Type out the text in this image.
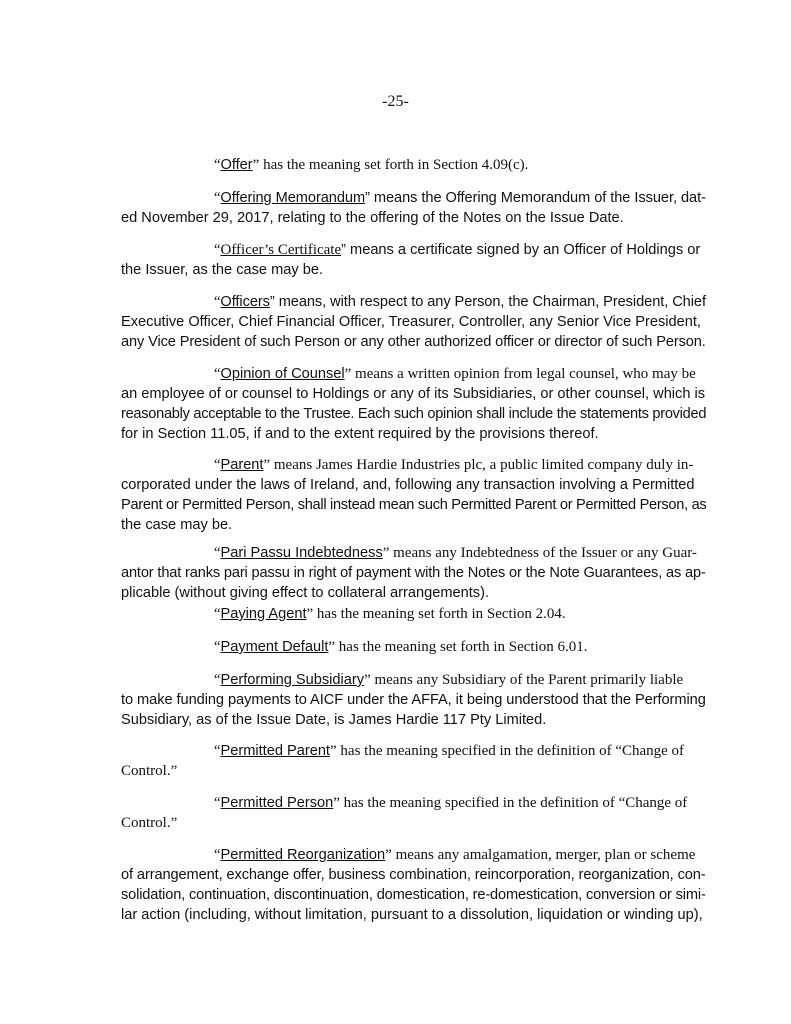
-25-
“Offer” has the meaning set forth in Section 4.09(c).
“Offering Memorandum” means the Offering Memorandum of the Issuer, dat-
ed November 29, 2017, relating to the offering of the Notes on the Issue Date.
“Officer’s Certificate” means a certificate signed by an Officer of Holdings or
the Issuer, as the case may be.
“Officers” means, with respect to any Person, the Chairman, President, Chief
Executive Officer, Chief Financial Officer, Treasurer, Controller, any Senior Vice President,
any Vice President of such Person or any other authorized officer or director of such Person.
“Opinion of Counsel” means a written opinion from legal counsel, who may be
an employee of or counsel to Holdings or any of its Subsidiaries, or other counsel, which is
reasonably acceptable to the Trustee. Each such opinion shall include the statements provided
for in Section 11.05, if and to the extent required by the provisions thereof.
“Parent” means James Hardie Industries plc, a public limited company duly in-
corporated under the laws of Ireland, and, following any transaction involving a Permitted
Parent or Permitted Person, shall instead mean such Permitted Parent or Permitted Person, as
the case may be.
“Pari Passu Indebtedness” means any Indebtedness of the Issuer or any Guar-
antor that ranks pari passu in right of payment with the Notes or the Note Guarantees, as ap-
plicable (without giving effect to collateral arrangements).
“Paying Agent” has the meaning set forth in Section 2.04.
“Payment Default” has the meaning set forth in Section 6.01.
“Performing Subsidiary” means any Subsidiary of the Parent primarily liable
to make funding payments to AICF under the AFFA, it being understood that the Performing
Subsidiary, as of the Issue Date, is James Hardie 117 Pty Limited.
“Permitted Parent” has the meaning specified in the definition of “Change of
Control.”
“Permitted Person” has the meaning specified in the definition of “Change of
Control.”
“Permitted Reorganization” means any amalgamation, merger, plan or scheme
of arrangement, exchange offer, business combination, reincorporation, reorganization, con-
solidation, continuation, discontinuation, domestication, re-domestication, conversion or simi-
lar action (including, without limitation, pursuant to a dissolution, liquidation or winding up),
